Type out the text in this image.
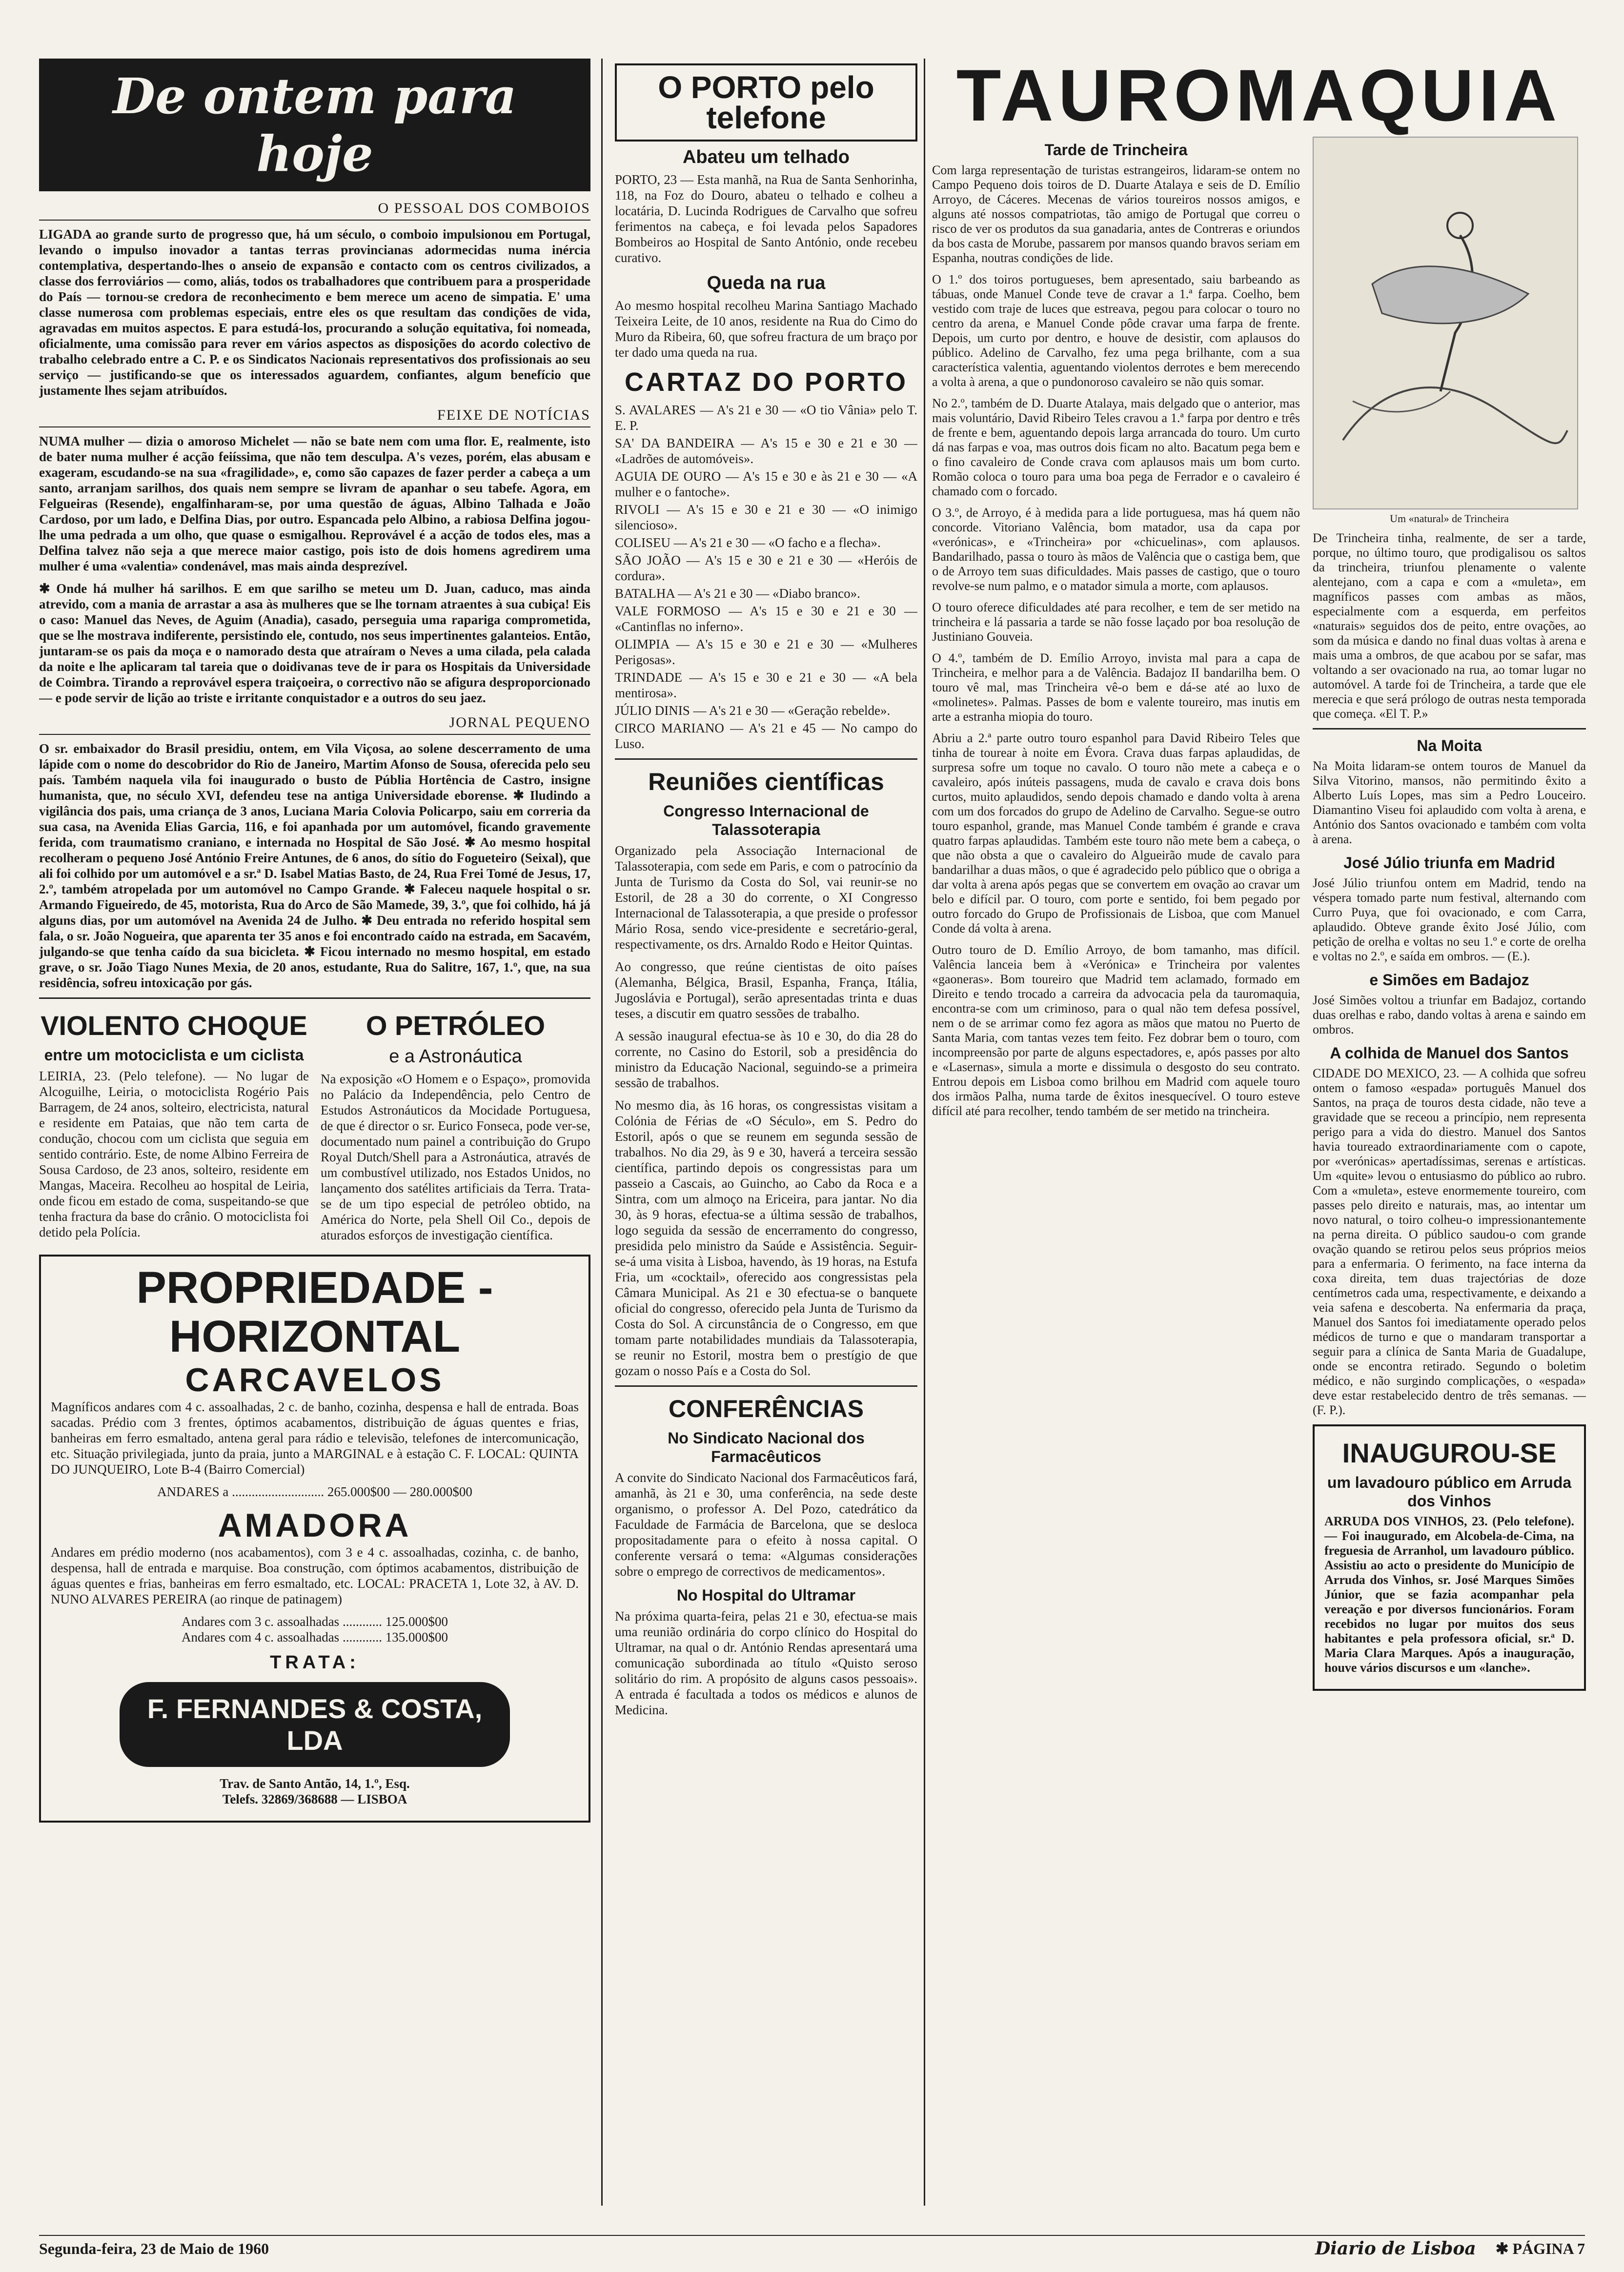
De ontem para hoje
O PESSOAL DOS COMBOIOS

LIGADA ao grande surto de progresso que, há um século, o comboio impulsionou em Portugal, levando o impulso inovador a tantas terras provincianas adormecidas numa inércia contemplativa, despertando-lhes o anseio de expansão e contacto com os centros civilizados, a classe dos ferroviários — como, aliás, todos os trabalhadores que contribuem para a prosperidade do País — tornou-se credora de reconhecimento e bem merece um aceno de simpatia. E' uma classe numerosa com problemas especiais, entre eles os que resultam das condições de vida, agravadas em muitos aspectos. E para estudá-los, procurando a solução equitativa, foi nomeada, oficialmente, uma comissão para rever em vários aspectos as disposições do acordo colectivo de trabalho celebrado entre a C. P. e os Sindicatos Nacionais representativos dos profissionais ao seu serviço — justificando-se que os interessados aguardem, confiantes, algum benefício que justamente lhes sejam atribuídos.

FEIXE DE NOTÍCIAS

NUMA mulher — dizia o amoroso Michelet — não se bate nem com uma flor. E, realmente, isto de bater numa mulher é acção feiíssima, que não tem desculpa. A's vezes, porém, elas abusam e exageram, escudando-se na sua «fragilidade», e, como são capazes de fazer perder a cabeça a um santo, arranjam sarilhos, dos quais nem sempre se livram de apanhar o seu tabefe. Agora, em Felgueiras (Resende), engalfinharam-se, por uma questão de águas, Albino Talhada e João Cardoso, por um lado, e Delfina Dias, por outro. Espancada pelo Albino, a rabiosa Delfina jogou-lhe uma pedrada a um olho, que quase o esmigalhou. Reprovável é a acção de todos eles, mas a Delfina talvez não seja a que merece maior castigo, pois isto de dois homens agredirem uma mulher é uma «valentia» condenável, mas mais ainda desprezível.

✱ Onde há mulher há sarilhos. E em que sarilho se meteu um D. Juan, caduco, mas ainda atrevido, com a mania de arrastar a asa às mulheres que se lhe tornam atraentes à sua cubiça! Eis o caso: Manuel das Neves, de Aguim (Anadia), casado, perseguia uma rapariga comprometida, que se lhe mostrava indiferente, persistindo ele, contudo, nos seus impertinentes galanteios. Então, juntaram-se os pais da moça e o namorado desta que atraíram o Neves a uma cilada, pela calada da noite e lhe aplicaram tal tareia que o doidivanas teve de ir para os Hospitais da Universidade de Coimbra. Tirando a reprovável espera traiçoeira, o correctivo não se afigura desproporcionado — e pode servir de lição ao triste e irritante conquistador e a outros do seu jaez.

JORNAL PEQUENO

O sr. embaixador do Brasil presidiu, ontem, em Vila Viçosa, ao solene descerramento de uma lápide com o nome do descobridor do Rio de Janeiro, Martim Afonso de Sousa, oferecida pelo seu país. Também naquela vila foi inaugurado o busto de Públia Hortência de Castro, insigne humanista, que, no século XVI, defendeu tese na antiga Universidade eborense. ✱ Iludindo a vigilância dos pais, uma criança de 3 anos, Luciana Maria Colovia Policarpo, saiu em correria da sua casa, na Avenida Elias Garcia, 116, e foi apanhada por um automóvel, ficando gravemente ferida, com traumatismo craniano, e internada no Hospital de São José. ✱ Ao mesmo hospital recolheram o pequeno José António Freire Antunes, de 6 anos, do sítio do Fogueteiro (Seixal), que ali foi colhido por um automóvel e a sr.ª D. Isabel Matias Basto, de 24, Rua Frei Tomé de Jesus, 17, 2.º, também atropelada por um automóvel no Campo Grande. ✱ Faleceu naquele hospital o sr. Armando Figueiredo, de 45, motorista, Rua do Arco de São Mamede, 39, 3.º, que foi colhido, há já alguns dias, por um automóvel na Avenida 24 de Julho. ✱ Deu entrada no referido hospital sem fala, o sr. João Nogueira, que aparenta ter 35 anos e foi encontrado caído na estrada, em Sacavém, julgando-se que tenha caído da sua bicicleta. ✱ Ficou internado no mesmo hospital, em estado grave, o sr. João Tiago Nunes Mexia, de 20 anos, estudante, Rua do Salitre, 167, 1.º, que, na sua residência, sofreu intoxicação por gás.

VIOLENTO CHOQUE
entre um motociclista e um ciclista

LEIRIA, 23. (Pelo telefone). — No lugar de Alcoguilhe, Leiria, o motociclista Rogério Pais Barragem, de 24 anos, solteiro, electricista, natural e residente em Pataias, que não tem carta de condução, chocou com um ciclista que seguia em sentido contrário. Este, de nome Albino Ferreira de Sousa Cardoso, de 23 anos, solteiro, residente em Mangas, Maceira. Recolheu ao hospital de Leiria, onde ficou em estado de coma, suspeitando-se que tenha fractura da base do crânio. O motociclista foi detido pela Polícia.

O PETRÓLEO
e a Astronáutica

Na exposição «O Homem e o Espaço», promovida no Palácio da Independência, pelo Centro de Estudos Astronáuticos da Mocidade Portuguesa, de que é director o sr. Eurico Fonseca, pode ver-se, documentado num painel a contribuição do Grupo Royal Dutch/Shell para a Astronáutica, através de um combustível utilizado, nos Estados Unidos, no lançamento dos satélites artificiais da Terra. Trata-se de um tipo especial de petróleo obtido, na América do Norte, pela Shell Oil Co., depois de aturados esforços de investigação científica.

PROPRIEDADE - HORIZONTAL
CARCAVELOS

Magníficos andares com 4 c. assoalhadas, 2 c. de banho, cozinha, despensa e hall de entrada. Boas sacadas. Prédio com 3 frentes, óptimos acabamentos, distribuição de águas quentes e frias, banheiras em ferro esmaltado, antena geral para rádio e televisão, telefones de intercomunicação, etc. Situação privilegiada, junto da praia, junto a MARGINAL e à estação C. F. LOCAL: QUINTA DO JUNQUEIRO, Lote B-4 (Bairro Comercial)

ANDARES a ............................ 265.000$00 — 280.000$00

AMADORA

Andares em prédio moderno (nos acabamentos), com 3 e 4 c. assoalhadas, cozinha, c. de banho, despensa, hall de entrada e marquise. Boa construção, com óptimos acabamentos, distribuição de águas quentes e frias, banheiras em ferro esmaltado, etc. LOCAL: PRACETA 1, Lote 32, à AV. D. NUNO ALVARES PEREIRA (ao rinque de patinagem)

Andares com 3 c. assoalhadas ............ 125.000$00

Andares com 4 c. assoalhadas ............ 135.000$00

TRATA:
F. FERNANDES & COSTA, LDA

Trav. de Santo Antão, 14, 1.º, Esq.

Telefs. 32869/368688 — LISBOA

O PORTO pelo telefone
Abateu um telhado

PORTO, 23 — Esta manhã, na Rua de Santa Senhorinha, 118, na Foz do Douro, abateu o telhado e colheu a locatária, D. Lucinda Rodrigues de Carvalho que sofreu ferimentos na cabeça, e foi levada pelos Sapadores Bombeiros ao Hospital de Santo António, onde recebeu curativo.

Queda na rua

Ao mesmo hospital recolheu Marina Santiago Machado Teixeira Leite, de 10 anos, residente na Rua do Cimo do Muro da Ribeira, 60, que sofreu fractura de um braço por ter dado uma queda na rua.

CARTAZ DO PORTO

S. AVALARES — A's 21 e 30 — «O tio Vânia» pelo T. E. P.

SA' DA BANDEIRA — A's 15 e 30 e 21 e 30 — «Ladrões de automóveis».

AGUIA DE OURO — A's 15 e 30 e às 21 e 30 — «A mulher e o fantoche».

RIVOLI — A's 15 e 30 e 21 e 30 — «O inimigo silencioso».

COLISEU — A's 21 e 30 — «O facho e a flecha».

SÃO JOÃO — A's 15 e 30 e 21 e 30 — «Heróis de cordura».

BATALHA — A's 21 e 30 — «Diabo branco».

VALE FORMOSO — A's 15 e 30 e 21 e 30 — «Cantinflas no inferno».

OLIMPIA — A's 15 e 30 e 21 e 30 — «Mulheres Perigosas».

TRINDADE — A's 15 e 30 e 21 e 30 — «A bela mentirosa».

JÚLIO DINIS — A's 21 e 30 — «Geração rebelde».

CIRCO MARIANO — A's 21 e 45 — No campo do Luso.

Reuniões científicas
Congresso Internacional de Talassoterapia

Organizado pela Associação Internacional de Talassoterapia, com sede em Paris, e com o patrocínio da Junta de Turismo da Costa do Sol, vai reunir-se no Estoril, de 28 a 30 do corrente, o XI Congresso Internacional de Talassoterapia, a que preside o professor Mário Rosa, sendo vice-presidente e secretário-geral, respectivamente, os drs. Arnaldo Rodo e Heitor Quintas.

Ao congresso, que reúne cientistas de oito países (Alemanha, Bélgica, Brasil, Espanha, França, Itália, Jugoslávia e Portugal), serão apresentadas trinta e duas teses, a discutir em quatro sessões de trabalho.

A sessão inaugural efectua-se às 10 e 30, do dia 28 do corrente, no Casino do Estoril, sob a presidência do ministro da Educação Nacional, seguindo-se a primeira sessão de trabalhos.

No mesmo dia, às 16 horas, os congressistas visitam a Colónia de Férias de «O Século», em S. Pedro do Estoril, após o que se reunem em segunda sessão de trabalhos. No dia 29, às 9 e 30, haverá a terceira sessão científica, partindo depois os congressistas para um passeio a Cascais, ao Guincho, ao Cabo da Roca e a Sintra, com um almoço na Ericeira, para jantar. No dia 30, às 9 horas, efectua-se a última sessão de trabalhos, logo seguida da sessão de encerramento do congresso, presidida pelo ministro da Saúde e Assistência. Seguir-se-á uma visita à Lisboa, havendo, às 19 horas, na Estufa Fria, um «cocktail», oferecido aos congressistas pela Câmara Municipal. As 21 e 30 efectua-se o banquete oficial do congresso, oferecido pela Junta de Turismo da Costa do Sol. A circunstância de o Congresso, em que tomam parte notabilidades mundiais da Talassoterapia, se reunir no Estoril, mostra bem o prestígio de que gozam o nosso País e a Costa do Sol.

CONFERÊNCIAS
No Sindicato Nacional dos Farmacêuticos

A convite do Sindicato Nacional dos Farmacêuticos fará, amanhã, às 21 e 30, uma conferência, na sede deste organismo, o professor A. Del Pozo, catedrático da Faculdade de Farmácia de Barcelona, que se desloca propositadamente para o efeito à nossa capital. O conferente versará o tema: «Algumas considerações sobre o emprego de correctivos de medicamentos».

No Hospital do Ultramar

Na próxima quarta-feira, pelas 21 e 30, efectua-se mais uma reunião ordinária do corpo clínico do Hospital do Ultramar, na qual o dr. António Rendas apresentará uma comunicação subordinada ao título «Quisto seroso solitário do rim. A propósito de alguns casos pessoais». A entrada é facultada a todos os médicos e alunos de Medicina.

TAUROMAQUIA
Tarde de Trincheira

Com larga representação de turistas estrangeiros, lidaram-se ontem no Campo Pequeno dois toiros de D. Duarte Atalaya e seis de D. Emílio Arroyo, de Cáceres. Mecenas de vários toureiros nossos amigos, e alguns até nossos compatriotas, tão amigo de Portugal que correu o risco de ver os produtos da sua ganadaria, antes de Contreras e oriundos da bos casta de Morube, passarem por mansos quando bravos seriam em Espanha, noutras condições de lide.

O 1.º dos toiros portugueses, bem apresentado, saiu barbeando as tábuas, onde Manuel Conde teve de cravar a 1.ª farpa. Coelho, bem vestido com traje de luces que estreava, pegou para colocar o touro no centro da arena, e Manuel Conde pôde cravar uma farpa de frente. Depois, um curto por dentro, e houve de desistir, com aplausos do público. Adelino de Carvalho, fez uma pega brilhante, com a sua característica valentia, aguentando violentos derrotes e bem merecendo a volta à arena, a que o pundonoroso cavaleiro se não quis somar.

No 2.º, também de D. Duarte Atalaya, mais delgado que o anterior, mas mais voluntário, David Ribeiro Teles cravou a 1.ª farpa por dentro e três de frente e bem, aguentando depois larga arrancada do touro. Um curto dá nas farpas e voa, mas outros dois ficam no alto. Bacatum pega bem e o fino cavaleiro de Conde crava com aplausos mais um bom curto. Romão coloca o touro para uma boa pega de Ferrador e o cavaleiro é chamado com o forcado.

O 3.º, de Arroyo, é à medida para a lide portuguesa, mas há quem não concorde. Vitoriano Valência, bom matador, usa da capa por «verónicas», e «Trincheira» por «chicuelinas», com aplausos. Bandarilhado, passa o touro às mãos de Valência que o castiga bem, que o de Arroyo tem suas dificuldades. Mais passes de castigo, que o touro revolve-se num palmo, e o matador simula a morte, com aplausos.

O touro oferece dificuldades até para recolher, e tem de ser metido na trincheira e lá passaria a tarde se não fosse laçado por boa resolução de Justiniano Gouveia.

O 4.º, também de D. Emílio Arroyo, invista mal para a capa de Trincheira, e melhor para a de Valência. Badajoz II bandarilha bem. O touro vê mal, mas Trincheira vê-o bem e dá-se até ao luxo de «molinetes». Palmas. Passes de bom e valente toureiro, mas inutis em arte a estranha miopia do touro.

Abriu a 2.ª parte outro touro espanhol para David Ribeiro Teles que tinha de tourear à noite em Évora. Crava duas farpas aplaudidas, de surpresa sofre um toque no cavalo. O touro não mete a cabeça e o cavaleiro, após inúteis passagens, muda de cavalo e crava dois bons curtos, muito aplaudidos, sendo depois chamado e dando volta à arena com um dos forcados do grupo de Adelino de Carvalho. Segue-se outro touro espanhol, grande, mas Manuel Conde também é grande e crava quatro farpas aplaudidas. Também este touro não mete bem a cabeça, o que não obsta a que o cavaleiro do Algueirão mude de cavalo para bandarilhar a duas mãos, o que é agradecido pelo público que o obriga a dar volta à arena após pegas que se convertem em ovação ao cravar um belo e difícil par. O touro, com porte e sentido, foi bem pegado por outro forcado do Grupo de Profissionais de Lisboa, que com Manuel Conde dá volta à arena.

Outro touro de D. Emílio Arroyo, de bom tamanho, mas difícil. Valência lanceia bem à «Verónica» e Trincheira por valentes «gaoneras». Bom toureiro que Madrid tem aclamado, formado em Direito e tendo trocado a carreira da advocacia pela da tauromaquia, encontra-se com um criminoso, para o qual não tem defesa possível, nem o de se arrimar como fez agora as mãos que matou no Puerto de Santa Maria, com tantas vezes tem feito. Fez dobrar bem o touro, com incompreensão por parte de alguns espectadores, e, após passes por alto e «Lasernas», simula a morte e dissimula o desgosto do seu contrato. Entrou depois em Lisboa como brilhou em Madrid com aquele touro dos irmãos Palha, numa tarde de êxitos inesquecível. O touro esteve difícil até para recolher, tendo também de ser metido na trincheira.

Um «natural» de Trincheira

De Trincheira tinha, realmente, de ser a tarde, porque, no último touro, que prodigalisou os saltos da trincheira, triunfou plenamente o valente alentejano, com a capa e com a «muleta», em magníficos passes com ambas as mãos, especialmente com a esquerda, em perfeitos «naturais» seguidos dos de peito, entre ovações, ao som da música e dando no final duas voltas à arena e mais uma a ombros, de que acabou por se safar, mas voltando a ser ovacionado na rua, ao tomar lugar no automóvel. A tarde foi de Trincheira, a tarde que ele merecia e que será prólogo de outras nesta temporada que começa. «El T. P.»

Na Moita

Na Moita lidaram-se ontem touros de Manuel da Silva Vitorino, mansos, não permitindo êxito a Alberto Luís Lopes, mas sim a Pedro Louceiro. Diamantino Viseu foi aplaudido com volta à arena, e António dos Santos ovacionado e também com volta à arena.

José Júlio triunfa em Madrid

José Júlio triunfou ontem em Madrid, tendo na véspera tomado parte num festival, alternando com Curro Puya, que foi ovacionado, e com Carra, aplaudido. Obteve grande êxito José Júlio, com petição de orelha e voltas no seu 1.º e corte de orelha e voltas no 2.º, e saída em ombros. — (E.).

e Simões em Badajoz

José Simões voltou a triunfar em Badajoz, cortando duas orelhas e rabo, dando voltas à arena e saindo em ombros.

A colhida de Manuel dos Santos

CIDADE DO MEXICO, 23. — A colhida que sofreu ontem o famoso «espada» português Manuel dos Santos, na praça de touros desta cidade, não teve a gravidade que se receou a princípio, nem representa perigo para a vida do diestro. Manuel dos Santos havia toureado extraordinariamente com o capote, por «verónicas» apertadíssimas, serenas e artísticas. Um «quite» levou o entusiasmo do público ao rubro. Com a «muleta», esteve enormemente toureiro, com passes pelo direito e naturais, mas, ao intentar um novo natural, o toiro colheu-o impressionantemente na perna direita. O público saudou-o com grande ovação quando se retirou pelos seus próprios meios para a enfermaria. O ferimento, na face interna da coxa direita, tem duas trajectórias de doze centímetros cada uma, respectivamente, e deixando a veia safena e descoberta. Na enfermaria da praça, Manuel dos Santos foi imediatamente operado pelos médicos de turno e que o mandaram transportar a seguir para a clínica de Santa Maria de Guadalupe, onde se encontra retirado. Segundo o boletim médico, e não surgindo complicações, o «espada» deve estar restabelecido dentro de três semanas. — (F. P.).

INAUGUROU-SE
um lavadouro público em Arruda dos Vinhos

ARRUDA DOS VINHOS, 23. (Pelo telefone). — Foi inaugurado, em Alcobela-de-Cima, na freguesia de Arranhol, um lavadouro público. Assistiu ao acto o presidente do Município de Arruda dos Vinhos, sr. José Marques Simões Júnior, que se fazia acompanhar pela vereação e por diversos funcionários. Foram recebidos no lugar por muitos dos seus habitantes e pela professora oficial, sr.ª D. Maria Clara Marques. Após a inauguração, houve vários discursos e um «lanche».

Segunda-feira, 23 de Maio de 1960	Diario de Lisboa ✱ PÁGINA 7
